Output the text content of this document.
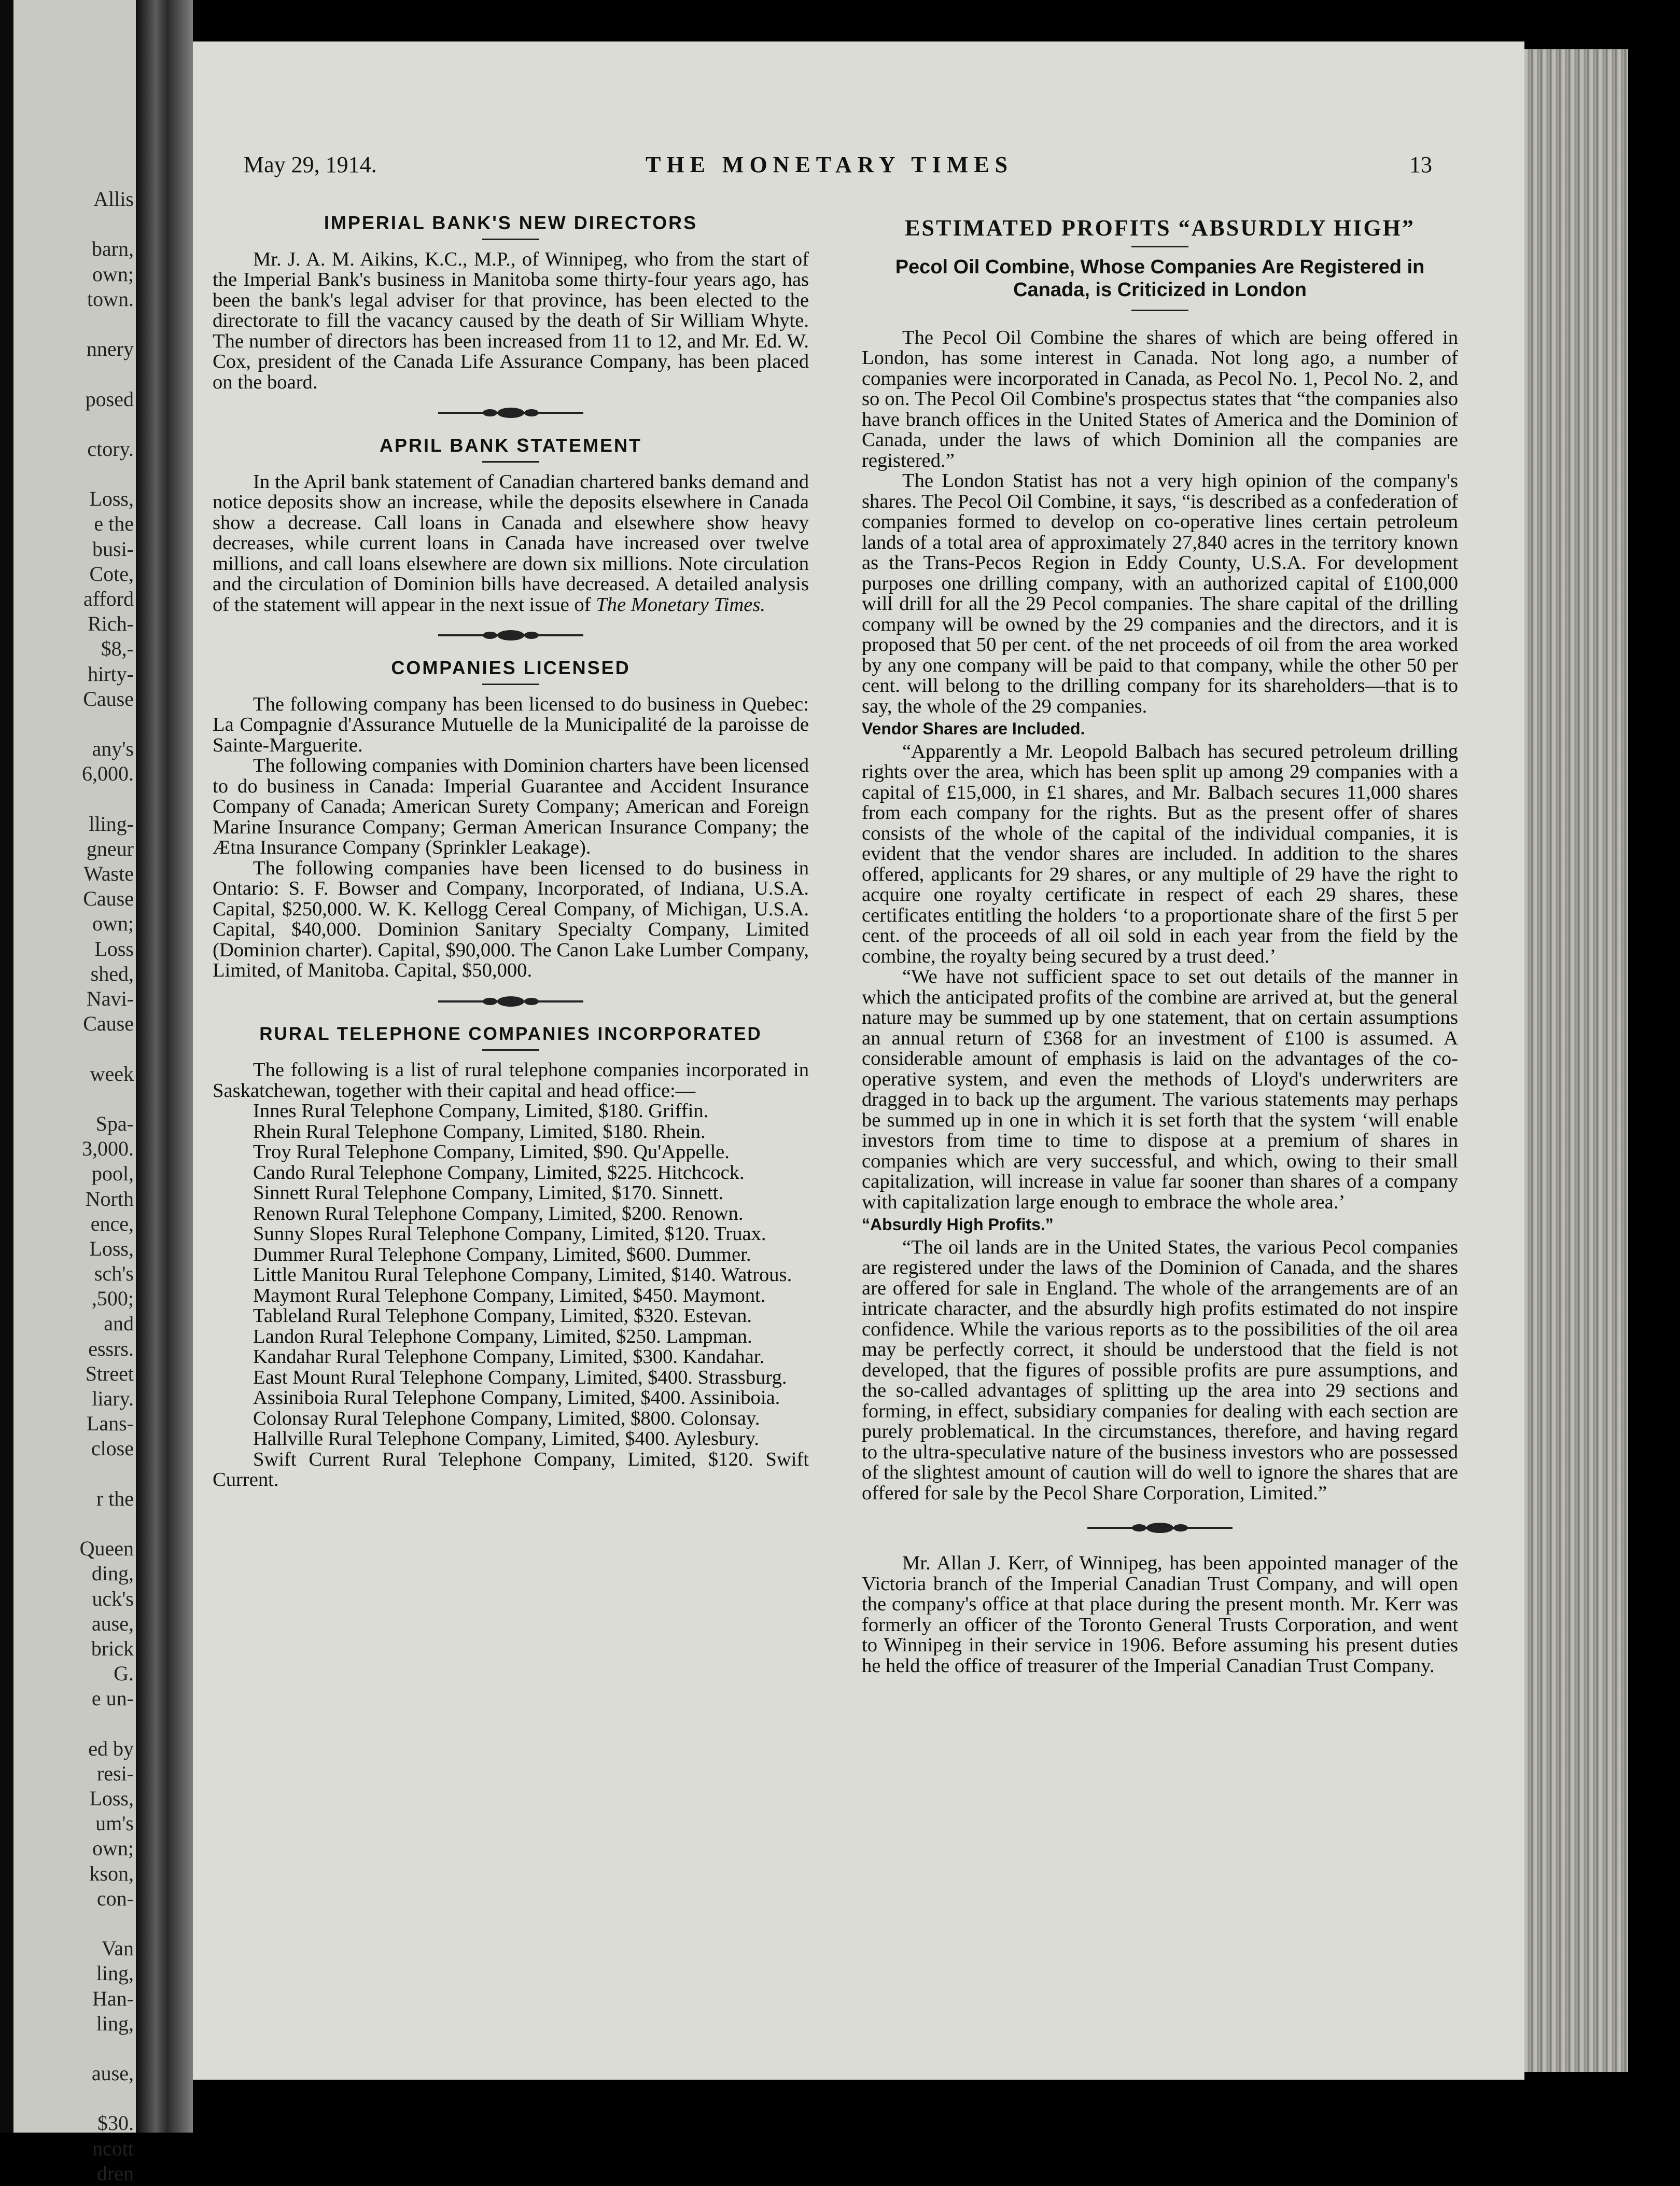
Allis
barn,
own;
town.
nnery
posed
ctory.
Loss,
e the
busi-
Cote,
afford
Rich-
$8,-
hirty-
Cause
any's
6,000.
lling-
gneur
Waste
Cause
own;
Loss
shed,
Navi-
Cause
week
Spa-
3,000.
pool,
North
ence,
Loss,
sch's
,500;
and
essrs.
Street
liary.
Lans-
close
r the
Queen
ding,
uck's
ause,
brick
G.
e un-
ed by
resi-
Loss,
um's
own;
kson,
con-
Van
ling,
Han-
ling,
ause,
$30.
ncott
dren
May 29, 1914.	THE MONETARY TIMES	13
IMPERIAL BANK'S NEW DIRECTORS

Mr. J. A. M. Aikins, K.C., M.P., of Winnipeg, who from the start of the Imperial Bank's business in Manitoba some thirty-four years ago, has been the bank's legal adviser for that province, has been elected to the directorate to fill the vacancy caused by the death of Sir William Whyte. The number of directors has been increased from 11 to 12, and Mr. Ed. W. Cox, president of the Canada Life Assurance Company, has been placed on the board.

APRIL BANK STATEMENT

In the April bank statement of Canadian chartered banks demand and notice deposits show an increase, while the deposits elsewhere in Canada show a decrease. Call loans in Canada and elsewhere show heavy decreases, while current loans in Canada have increased over twelve millions, and call loans elsewhere are down six millions. Note circulation and the circulation of Dominion bills have decreased. A detailed analysis of the statement will appear in the next issue of The Monetary Times.

COMPANIES LICENSED

The following company has been licensed to do business in Quebec: La Compagnie d'Assurance Mutuelle de la Municipalité de la paroisse de Sainte-Marguerite.

The following companies with Dominion charters have been licensed to do business in Canada: Imperial Guarantee and Accident Insurance Company of Canada; American Surety Company; American and Foreign Marine Insurance Company; German American Insurance Company; the Ætna Insurance Company (Sprinkler Leakage).

The following companies have been licensed to do business in Ontario: S. F. Bowser and Company, Incorporated, of Indiana, U.S.A. Capital, $250,000. W. K. Kellogg Cereal Company, of Michigan, U.S.A. Capital, $40,000. Dominion Sanitary Specialty Company, Limited (Dominion charter). Capital, $90,000. The Canon Lake Lumber Company, Limited, of Manitoba. Capital, $50,000.

RURAL TELEPHONE COMPANIES INCORPORATED

The following is a list of rural telephone companies incorporated in Saskatchewan, together with their capital and head office:—

Innes Rural Telephone Company, Limited, $180. Griffin.

Rhein Rural Telephone Company, Limited, $180. Rhein.

Troy Rural Telephone Company, Limited, $90. Qu'Appelle.

Cando Rural Telephone Company, Limited, $225. Hitchcock.

Sinnett Rural Telephone Company, Limited, $170. Sinnett.

Renown Rural Telephone Company, Limited, $200. Renown.

Sunny Slopes Rural Telephone Company, Limited, $120. Truax.

Dummer Rural Telephone Company, Limited, $600. Dummer.

Little Manitou Rural Telephone Company, Limited, $140. Watrous.

Maymont Rural Telephone Company, Limited, $450. Maymont.

Tableland Rural Telephone Company, Limited, $320. Estevan.

Landon Rural Telephone Company, Limited, $250. Lampman.

Kandahar Rural Telephone Company, Limited, $300. Kandahar.

East Mount Rural Telephone Company, Limited, $400. Strassburg.

Assiniboia Rural Telephone Company, Limited, $400. Assiniboia.

Colonsay Rural Telephone Company, Limited, $800. Colonsay.

Hallville Rural Telephone Company, Limited, $400. Aylesbury.

Swift Current Rural Telephone Company, Limited, $120. Swift Current.

ESTIMATED PROFITS “ABSURDLY HIGH”
Pecol Oil Combine, Whose Companies Are Registered in Canada, is Criticized in London

The Pecol Oil Combine the shares of which are being offered in London, has some interest in Canada. Not long ago, a number of companies were incorporated in Canada, as Pecol No. 1, Pecol No. 2, and so on. The Pecol Oil Combine's prospectus states that “the companies also have branch offices in the United States of America and the Dominion of Canada, under the laws of which Dominion all the companies are registered.”

The London Statist has not a very high opinion of the company's shares. The Pecol Oil Combine, it says, “is described as a confederation of companies formed to develop on co-operative lines certain petroleum lands of a total area of approximately 27,840 acres in the territory known as the Trans-Pecos Region in Eddy County, U.S.A. For development purposes one drilling company, with an authorized capital of £100,000 will drill for all the 29 Pecol companies. The share capital of the drilling company will be owned by the 29 companies and the directors, and it is proposed that 50 per cent. of the net proceeds of oil from the area worked by any one company will be paid to that company, while the other 50 per cent. will belong to the drilling company for its shareholders—that is to say, the whole of the 29 companies.

Vendor Shares are Included.

“Apparently a Mr. Leopold Balbach has secured petroleum drilling rights over the area, which has been split up among 29 companies with a capital of £15,000, in £1 shares, and Mr. Balbach secures 11,000 shares from each company for the rights. But as the present offer of shares consists of the whole of the capital of the individual companies, it is evident that the vendor shares are included. In addition to the shares offered, applicants for 29 shares, or any multiple of 29 have the right to acquire one royalty certificate in respect of each 29 shares, these certificates entitling the holders ‘to a proportionate share of the first 5 per cent. of the proceeds of all oil sold in each year from the field by the combine, the royalty being secured by a trust deed.’

“We have not sufficient space to set out details of the manner in which the anticipated profits of the combine are arrived at, but the general nature may be summed up by one statement, that on certain assumptions an annual return of £368 for an investment of £100 is assumed. A considerable amount of emphasis is laid on the advantages of the co-operative system, and even the methods of Lloyd's underwriters are dragged in to back up the argument. The various statements may perhaps be summed up in one in which it is set forth that the system ‘will enable investors from time to time to dispose at a premium of shares in companies which are very successful, and which, owing to their small capitalization, will increase in value far sooner than shares of a company with capitalization large enough to embrace the whole area.’

“Absurdly High Profits.”

“The oil lands are in the United States, the various Pecol companies are registered under the laws of the Dominion of Canada, and the shares are offered for sale in England. The whole of the arrangements are of an intricate character, and the absurdly high profits estimated do not inspire confidence. While the various reports as to the possibilities of the oil area may be perfectly correct, it should be understood that the field is not developed, that the figures of possible profits are pure assumptions, and the so-called advantages of splitting up the area into 29 sections and forming, in effect, subsidiary companies for dealing with each section are purely problematical. In the circumstances, therefore, and having regard to the ultra-speculative nature of the business investors who are possessed of the slightest amount of caution will do well to ignore the shares that are offered for sale by the Pecol Share Corporation, Limited.”

Mr. Allan J. Kerr, of Winnipeg, has been appointed manager of the Victoria branch of the Imperial Canadian Trust Company, and will open the company's office at that place during the present month. Mr. Kerr was formerly an officer of the Toronto General Trusts Corporation, and went to Winnipeg in their service in 1906. Before assuming his present duties he held the office of treasurer of the Imperial Canadian Trust Company.
